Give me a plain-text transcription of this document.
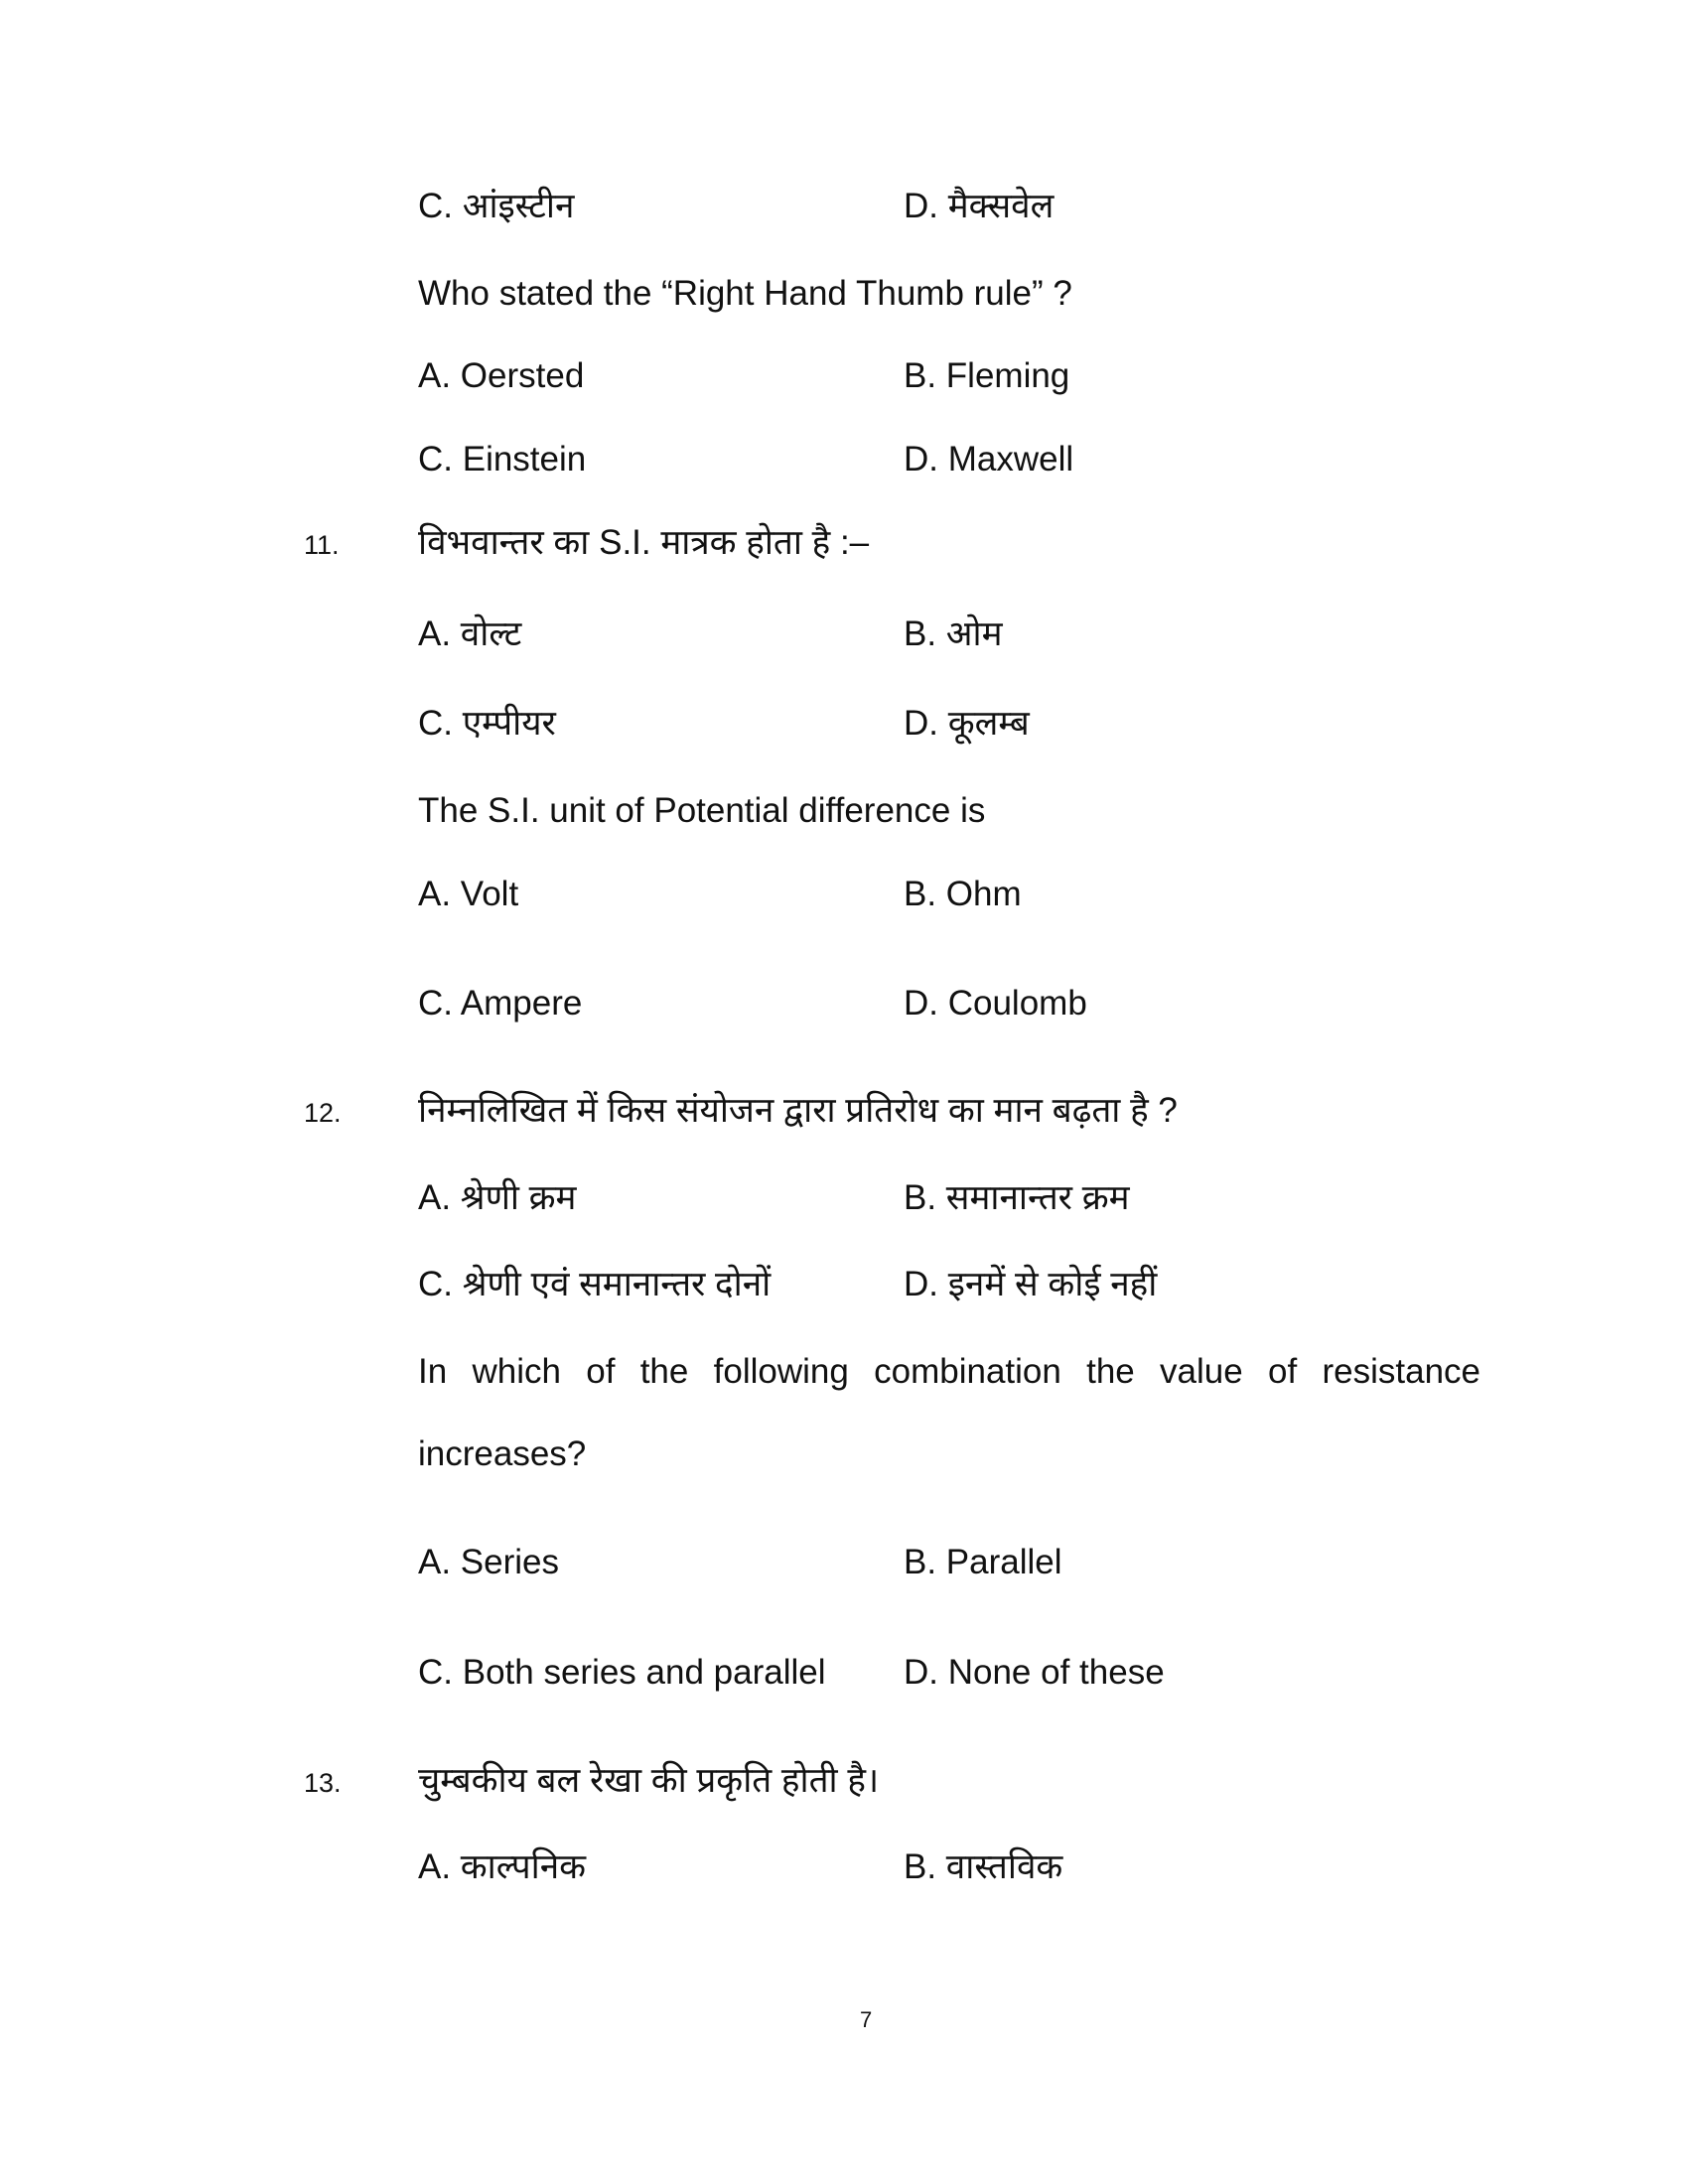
C. आंइस्टीन	D. मैक्सवेल
Who stated the “Right Hand Thumb rule” ?
A. Oersted	B. Fleming
C. Einstein	D. Maxwell
11. विभवान्तर का S.I. मात्रक होता है :–
A. वोल्ट	B. ओम
C. एम्पीयर	D. कूलम्ब
The S.I. unit of Potential difference is
A. Volt	B. Ohm
C. Ampere	D. Coulomb
12. निम्नलिखित में किस संयोजन द्वारा प्रतिरोध का मान बढ़ता है ?
A. श्रेणी क्रम	B. समानान्तर क्रम
C. श्रेणी एवं समानान्तर दोनों	D. इनमें से कोई नहीं
In which of the following combination the value of resistance
increases?
A. Series	B. Parallel
C. Both series and parallel D. None of these
13. चुम्बकीय बल रेखा की प्रकृति होती है।
A. काल्पनिक	B. वास्तविक
7
